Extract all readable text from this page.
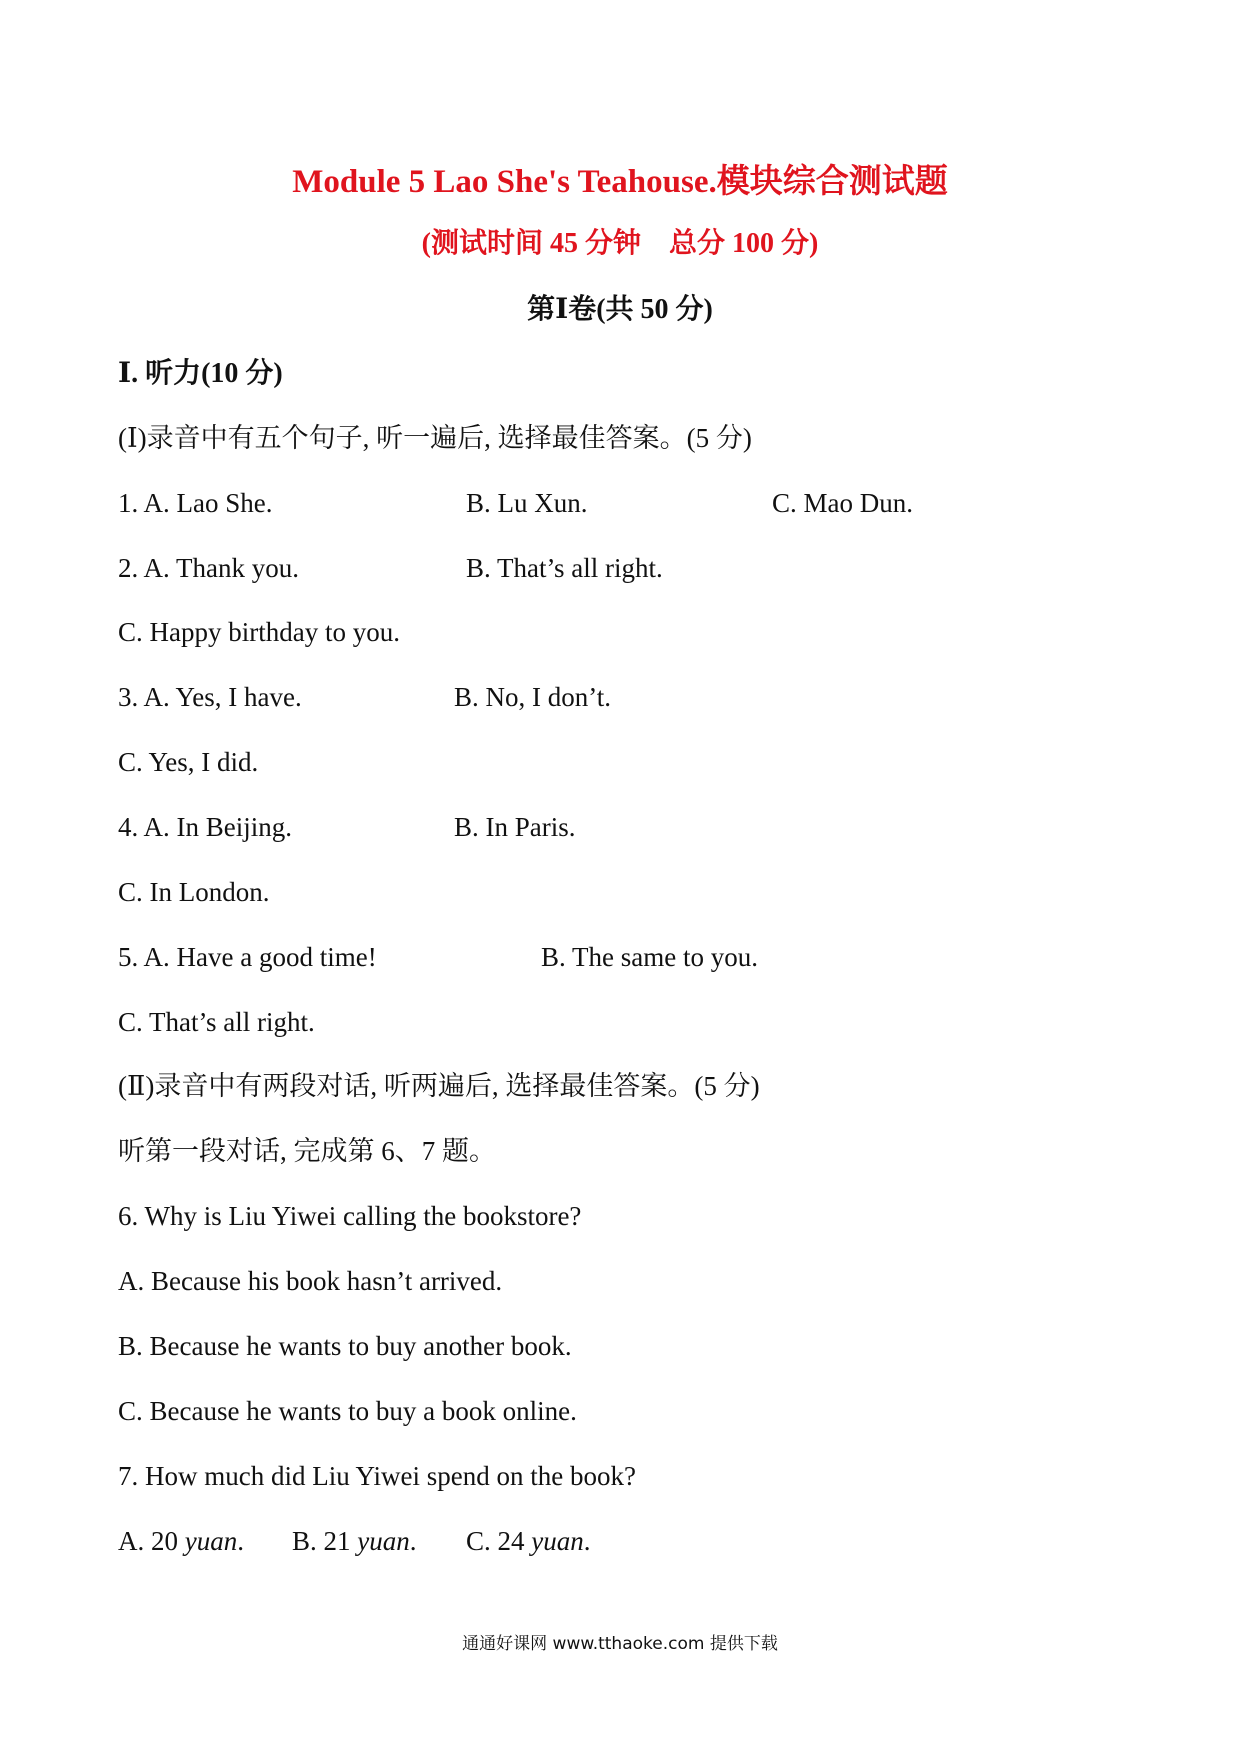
Module 5 Lao She's Teahouse.模块综合测试题
(测试时间 45 分钟    总分 100 分)
第Ⅰ卷(共 50 分)
Ⅰ. 听力(10 分)
(Ⅰ)录音中有五个句子, 听一遍后, 选择最佳答案。(5 分)
1. A. Lao She.	B. Lu Xun.	C. Mao Dun.
2. A. Thank you.	B. That’s all right.
C. Happy birthday to you.
3. A. Yes, I have.	B. No, I don’t.
C. Yes, I did.
4. A. In Beijing.	B. In Paris.
C. In London.
5. A. Have a good time!	B. The same to you.
C. That’s all right.
(Ⅱ)录音中有两段对话, 听两遍后, 选择最佳答案。(5 分)
听第一段对话, 完成第 6、7 题。
6. Why is Liu Yiwei calling the bookstore?
A. Because his book hasn’t arrived.
B. Because he wants to buy another book.
C. Because he wants to buy a book online.
7. How much did Liu Yiwei spend on the book?
A. 20 yuan. B. 21 yuan. C. 24 yuan.
通通好课网 www.tthaoke.com 提供下载
